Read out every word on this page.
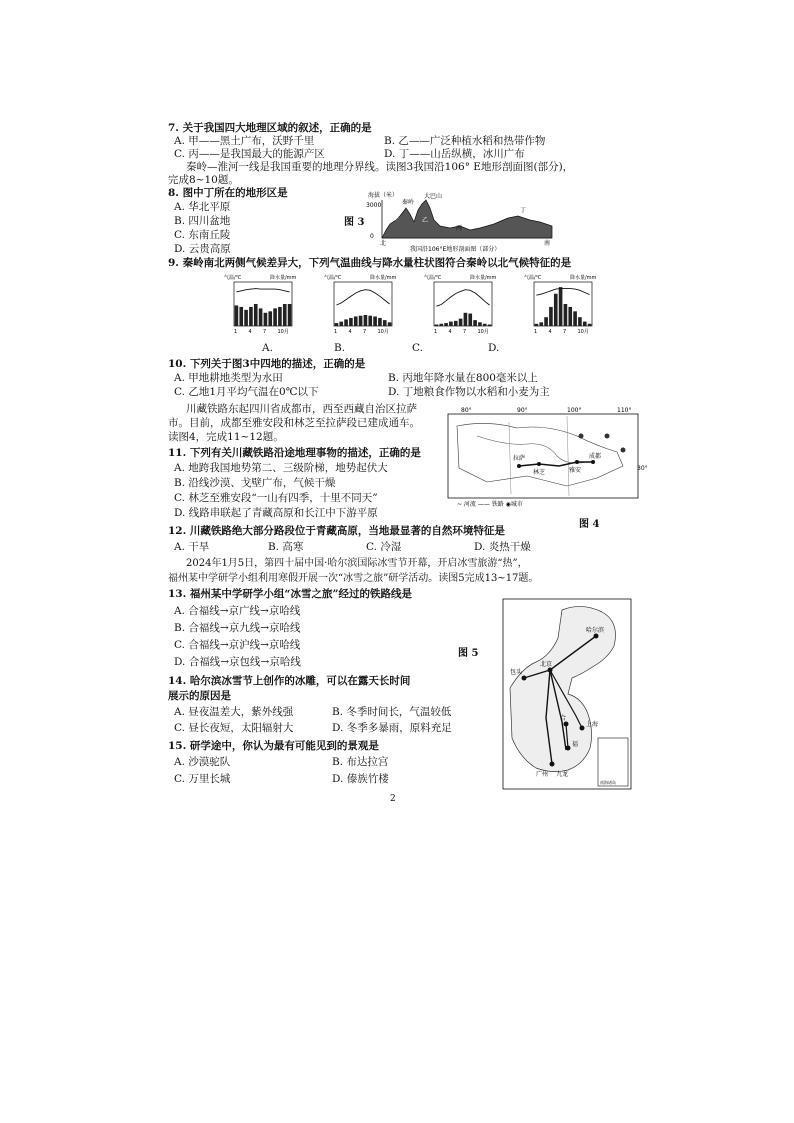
7. 关于我国四大地理区域的叙述，正确的是
A. 甲——黑土广布，沃野千里	B. 乙——广泛种植水稻和热带作物
C. 丙——是我国最大的能源产区	D. 丁——山岳纵横，冰川广布
秦岭—淮河一线是我国重要的地理分界线。读图3我国沿106° E地形剖面图(部分)，
完成8~10题。
8. 图中丁所在的地形区是
A. 华北平原
B. 四川盆地
C. 东南丘陵
D. 云贵高原
图 3
海拔（米）
3000
0
秦岭
大巴山
甲	乙
丙
丁
北	南
我国沿106°E地形剖面图（部分）
9. 秦岭南北两侧气候差异大，下列气温曲线与降水量柱状图符合秦岭以北气候特征的是
气温/℃	降水量/mm
1 4 7 10月
气温/℃	降水量/mm
1 4 7 10月
气温/℃	降水量/mm
1 4 7 10月
气温/℃	降水量/mm
1 4 7 10月
A.	B.	C.	D.
10. 下列关于图3中四地的描述，正确的是
A. 甲地耕地类型为水田	B. 丙地年降水量在800毫米以上
C. 乙地1月平均气温在0℃以下	D. 丁地粮食作物以水稻和小麦为主
川藏铁路东起四川省成都市，西至西藏自治区拉萨
市。目前，成都至雅安段和林芝至拉萨段已建成通车。
读图4，完成11~12题。
80°	90°	100°	110°
30°
拉萨
林芝	雅安
成都
~ 河流 —— 铁路 ◉城市
图 4
11. 下列有关川藏铁路沿途地理事物的描述，正确的是
A. 地跨我国地势第二、三级阶梯，地势起伏大
B. 沿线沙漠、戈壁广布，气候干燥
C. 林芝至雅安段“一山有四季，十里不同天”
D. 线路串联起了青藏高原和长江中下游平原
12. 川藏铁路绝大部分路段位于青藏高原，当地最显著的自然环境特征是
A. 干旱	B. 高寒	C. 冷湿	D. 炎热干燥
2024年1月5日，第四十届中国·哈尔滨国际冰雪节开幕，开启冰雪旅游“热”，
福州某中学研学小组利用寒假开展一次“冰雪之旅”研学活动。读图5完成13~17题。
13. 福州某中学研学小组“冰雪之旅”经过的铁路线是
A. 合福线→京广线→京哈线
B. 合福线→京九线→京哈线
C. 合福线→京沪线→京哈线
D. 合福线→京包线→京哈线
图 5
哈尔滨
北京
包头
上海
合
福
广州 九龙
南海诸岛
14. 哈尔滨冰雪节上创作的冰雕，可以在露天长时间
展示的原因是
A. 昼夜温差大，紫外线强	B. 冬季时间长，气温较低
C. 昼长夜短，太阳辐射大	D. 冬季多暴雨，原料充足
15. 研学途中，你认为最有可能见到的景观是
A. 沙漠驼队	B. 布达拉宫
C. 万里长城	D. 傣族竹楼
2
